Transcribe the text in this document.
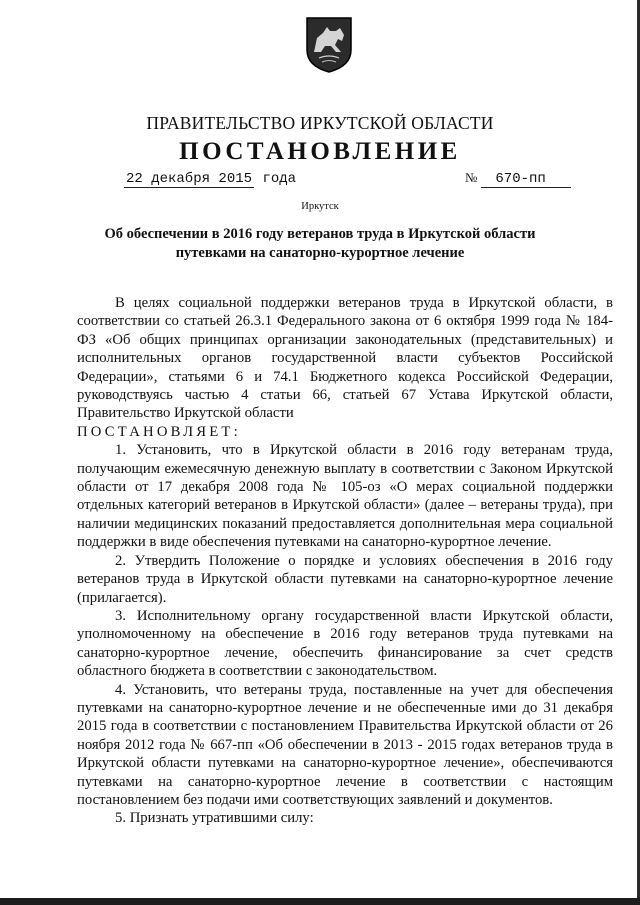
ПРАВИТЕЛЬСТВО ИРКУТСКОЙ ОБЛАСТИ
ПОСТАНОВЛЕНИЕ
22 декабря 2015 года	№ 670-пп
Иркутск
Об обеспечении в 2016 году ветеранов труда в Иркутской области
путевками на санаторно-курортное лечение

В целях социальной поддержки ветеранов труда в Иркутской области, в соответствии со статьей 26.3.1 Федерального закона от 6 октября 1999 года № 184-ФЗ «Об общих принципах организации законодательных (представительных) и исполнительных органов государственной власти субъектов Российской Федерации», статьями 6 и 74.1 Бюджетного кодекса Российской Федерации, руководствуясь частью 4 статьи 66, статьей 67 Устава Иркутской области, Правительство Иркутской области

ПОСТАНОВЛЯЕТ:

1. Установить, что в Иркутской области в 2016 году ветеранам труда, получающим ежемесячную денежную выплату в соответствии с Законом Иркутской области от 17 декабря 2008 года № 105-оз «О мерах социальной поддержки отдельных категорий ветеранов в Иркутской области» (далее – ветераны труда), при наличии медицинских показаний предоставляется дополнительная мера социальной поддержки в виде обеспечения путевками на санаторно-курортное лечение.

2. Утвердить Положение о порядке и условиях обеспечения в 2016 году ветеранов труда в Иркутской области путевками на санаторно-курортное лечение (прилагается).

3. Исполнительному органу государственной власти Иркутской области, уполномоченному на обеспечение в 2016 году ветеранов труда путевками на санаторно-курортное лечение, обеспечить финансирование за счет средств областного бюджета в соответствии с законодательством.

4. Установить, что ветераны труда, поставленные на учет для обеспечения путевками на санаторно-курортное лечение и не обеспеченные ими до 31 декабря 2015 года в соответствии с постановлением Правительства Иркутской области от 26 ноября 2012 года № 667-пп «Об обеспечении в 2013 - 2015 годах ветеранов труда в Иркутской области путевками на санаторно-курортное лечение», обеспечиваются путевками на санаторно-курортное лечение в соответствии с настоящим постановлением без подачи ими соответствующих заявлений и документов.

5. Признать утратившими силу:
